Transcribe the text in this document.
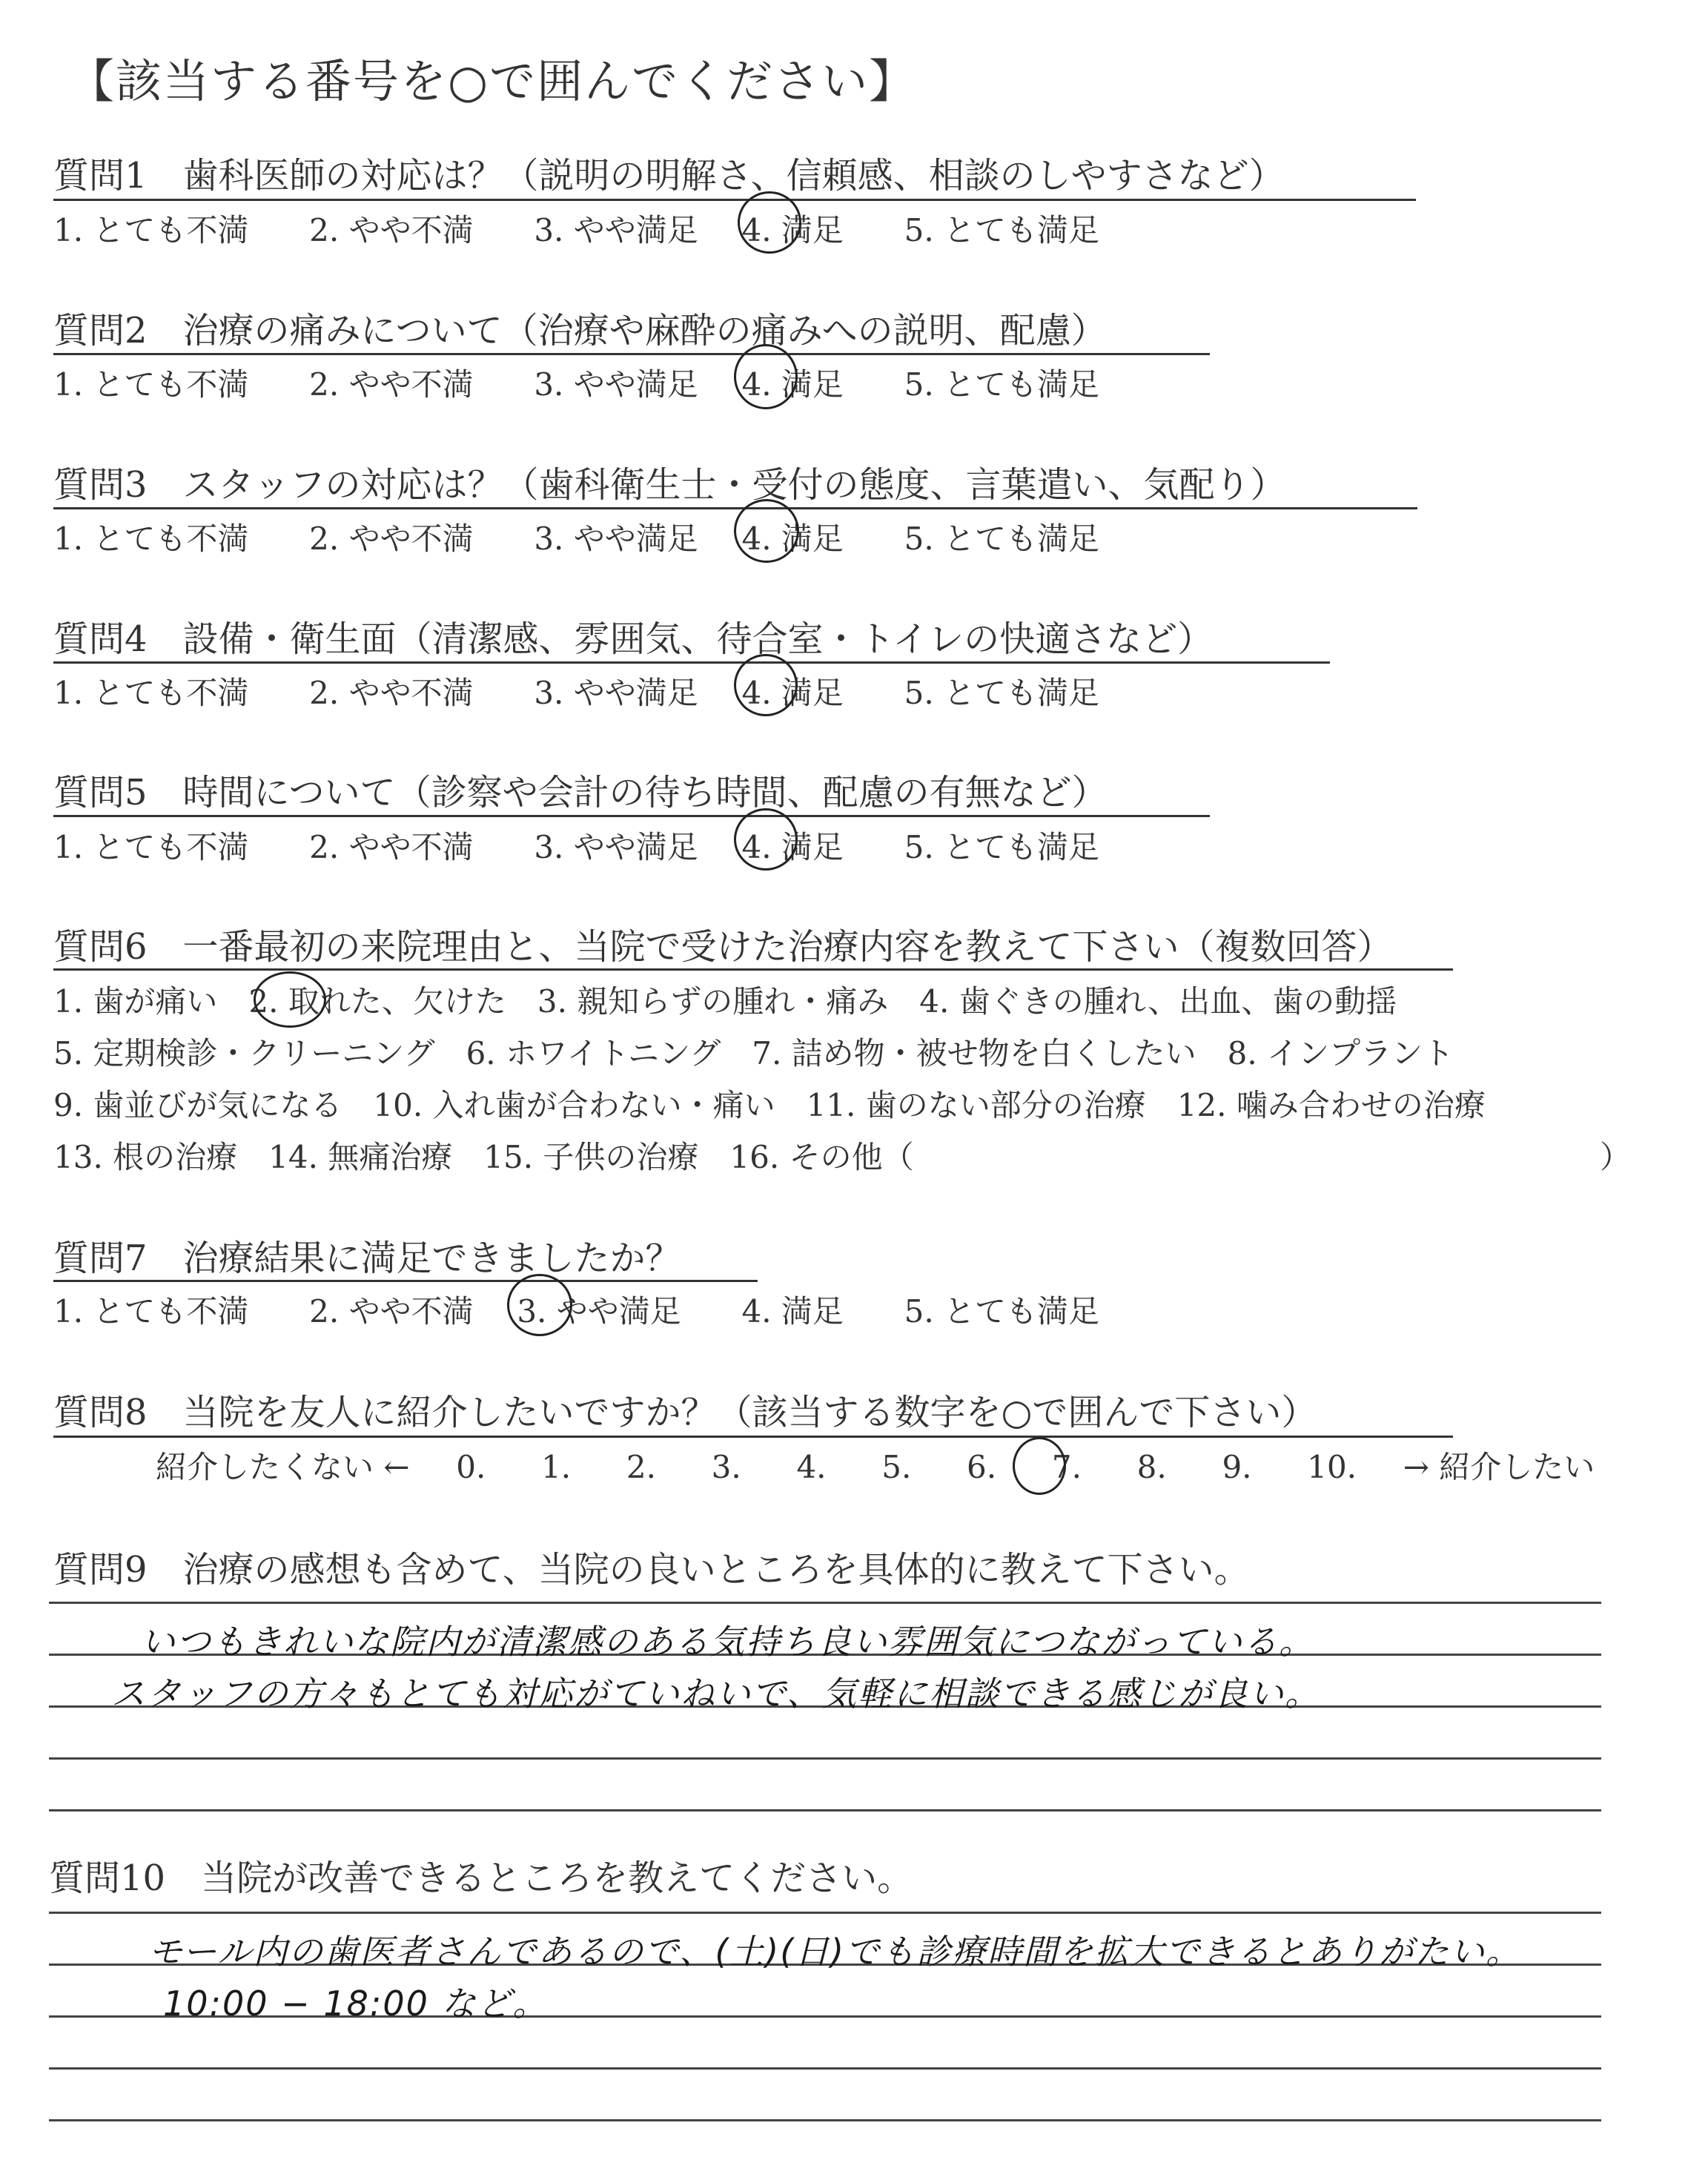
【該当する番号を○で囲んでください】
質問1　歯科医師の対応は？（説明の明解さ、信頼感、相談のしやすさなど）
1. とても不満 2. やや不満 3. やや満足 4. 満足 5. とても満足
質問2　治療の痛みについて（治療や麻酔の痛みへの説明、配慮）
1. とても不満 2. やや不満 3. やや満足 4. 満足 5. とても満足
質問3　スタッフの対応は？（歯科衛生士・受付の態度、言葉遣い、気配り）
1. とても不満 2. やや不満 3. やや満足 4. 満足 5. とても満足
質問4　設備・衛生面（清潔感、雰囲気、待合室・トイレの快適さなど）
1. とても不満 2. やや不満 3. やや満足 4. 満足 5. とても満足
質問5　時間について（診察や会計の待ち時間、配慮の有無など）
1. とても不満 2. やや不満 3. やや満足 4. 満足 5. とても満足
質問6　一番最初の来院理由と、当院で受けた治療内容を教えて下さい（複数回答）
1. 歯が痛い　2. 取れた、欠けた　3. 親知らずの腫れ・痛み　4. 歯ぐきの腫れ、出血、歯の動揺
5. 定期検診・クリーニング　6. ホワイトニング　7. 詰め物・被せ物を白くしたい　8. インプラント
9. 歯並びが気になる　10. 入れ歯が合わない・痛い　11. 歯のない部分の治療　12. 噛み合わせの治療
13. 根の治療　14. 無痛治療　15. 子供の治療　16. その他（	）
質問7　治療結果に満足できましたか？
1. とても不満 2. やや不満 3. やや満足 4. 満足 5. とても満足
質問8　当院を友人に紹介したいですか？（該当する数字を○で囲んで下さい）
紹介したくない ← 0. 1. 2. 3. 4. 5. 6. 7. 8. 9. 10. → 紹介したい
質問9　治療の感想も含めて、当院の良いところを具体的に教えて下さい。
いつもきれいな院内が清潔感のある気持ち良い雰囲気につながっている。
スタッフの方々もとても対応がていねいで、気軽に相談できる感じが良い。
質問10　当院が改善できるところを教えてください。
モール内の歯医者さんであるので、(土)(日)でも診療時間を拡大できるとありがたい。
10:00 − 18:00 など。
